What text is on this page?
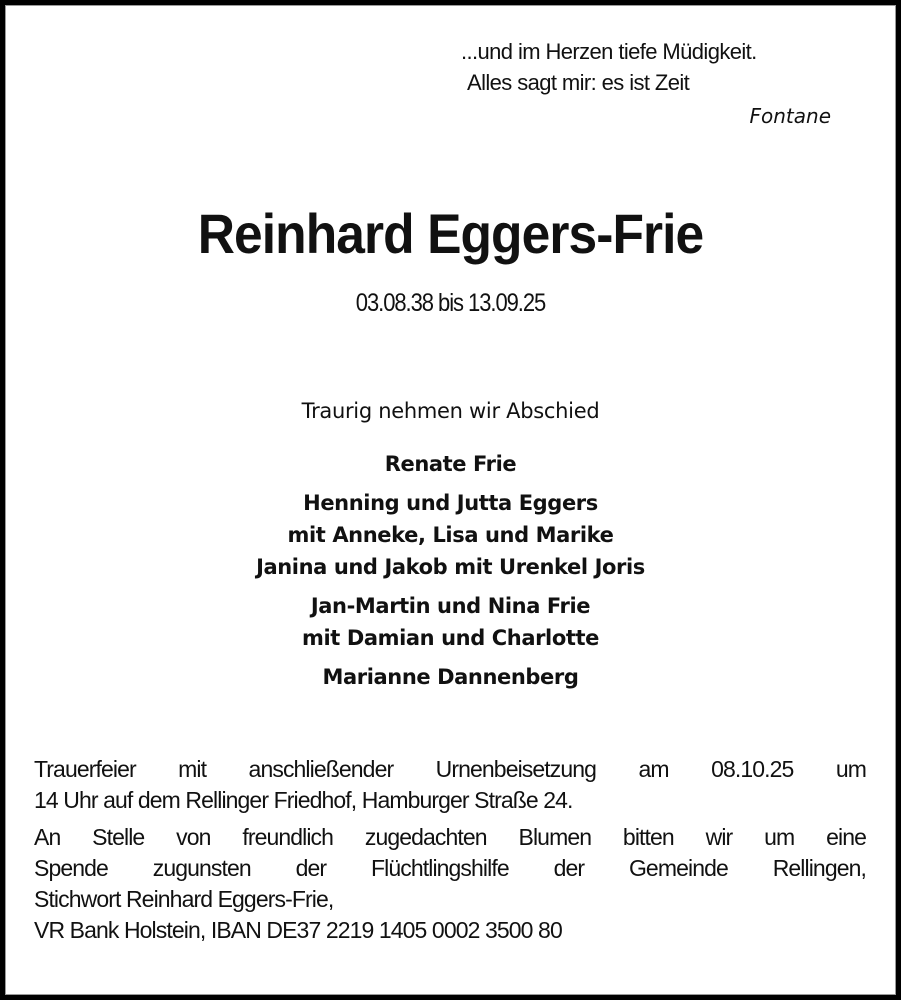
...und im Herzen tiefe Müdigkeit.
Alles sagt mir: es ist Zeit
Fontane
Reinhard Eggers-Frie
03.08.38 bis 13.09.25
Traurig nehmen wir Abschied
Renate Frie
Henning und Jutta Eggers
mit Anneke, Lisa und Marike
Janina und Jakob mit Urenkel Joris
Jan-Martin und Nina Frie
mit Damian und Charlotte
Marianne Dannenberg

Trauerfeier mit anschließender Urnenbeisetzung am 08.10.25 um
14 Uhr auf dem Rellinger Friedhof, Hamburger Straße 24.

An Stelle von freundlich zugedachten Blumen bitten wir um eine
Spende zugunsten der Flüchtlingshilfe der Gemeinde Rellingen,
Stichwort Reinhard Eggers-Frie,
VR Bank Holstein, IBAN DE37 2219 1405 0002 3500 80
